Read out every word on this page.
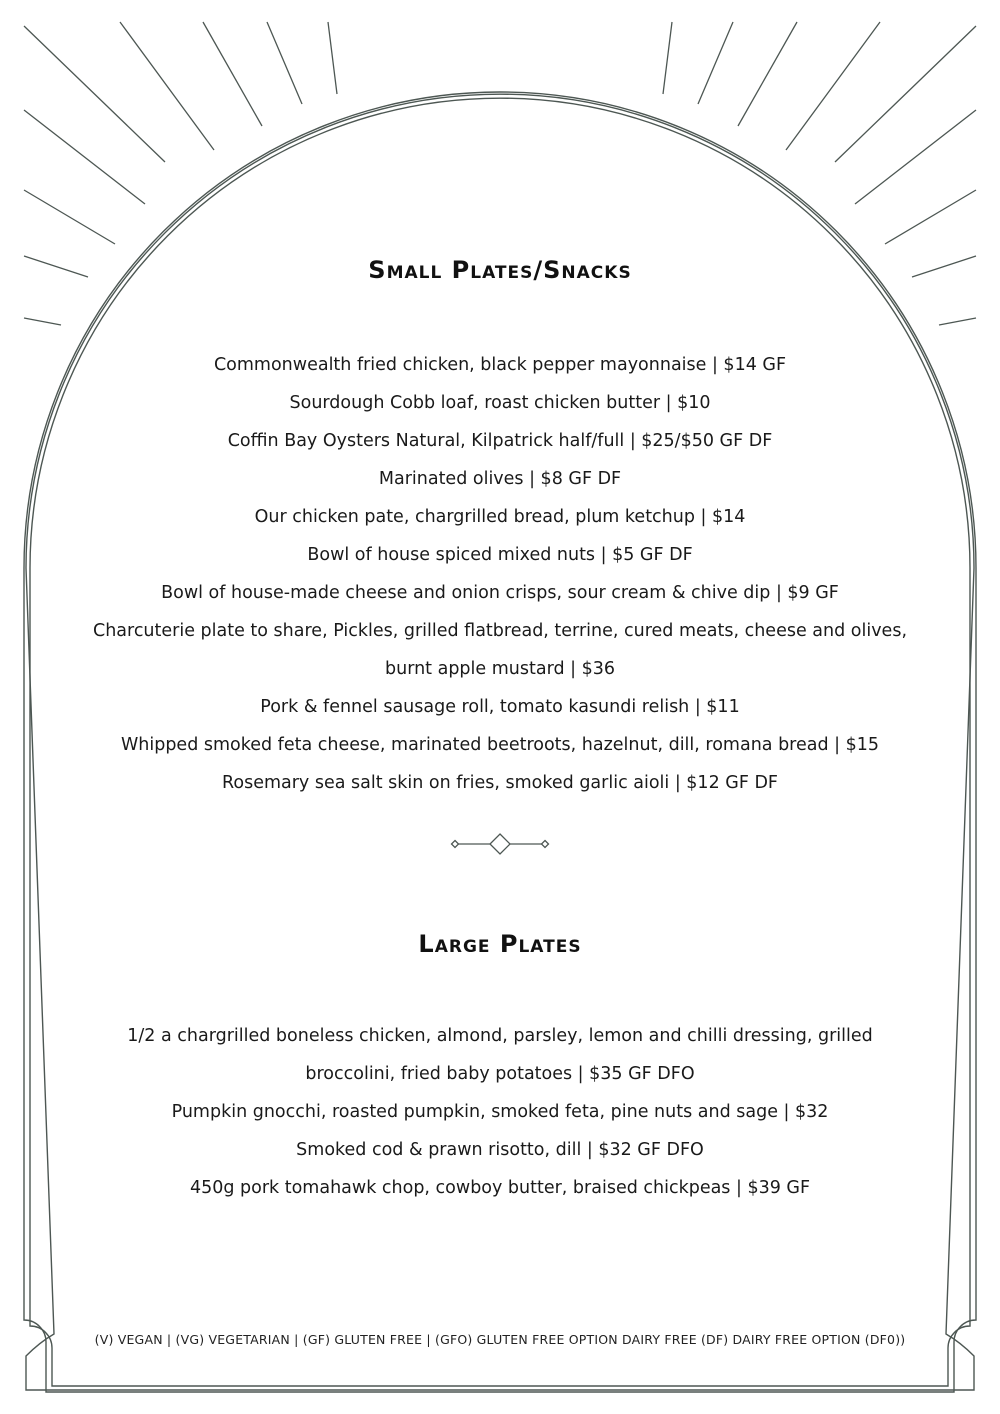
Small Plates/Snacks
Commonwealth fried chicken, black pepper mayonnaise | $14 GF
Sourdough Cobb loaf, roast chicken butter | $10
Coffin Bay Oysters Natural, Kilpatrick half/full | $25/$50 GF DF
Marinated olives | $8 GF DF
Our chicken pate, chargrilled bread, plum ketchup | $14
Bowl of house spiced mixed nuts | $5 GF DF
Bowl of house-made cheese and onion crisps, sour cream & chive dip | $9 GF
Charcuterie plate to share, Pickles, grilled flatbread, terrine, cured meats, cheese and olives,
burnt apple mustard | $36
Pork & fennel sausage roll, tomato kasundi relish | $11
Whipped smoked feta cheese, marinated beetroots, hazelnut, dill, romana bread | $15
Rosemary sea salt skin on fries, smoked garlic aioli | $12 GF DF
Large Plates
1/2 a chargrilled boneless chicken, almond, parsley, lemon and chilli dressing, grilled
broccolini, fried baby potatoes | $35 GF DFO
Pumpkin gnocchi, roasted pumpkin, smoked feta, pine nuts and sage | $32
Smoked cod & prawn risotto, dill | $32 GF DFO
450g pork tomahawk chop, cowboy butter, braised chickpeas | $39 GF
(V) VEGAN | (VG) VEGETARIAN | (GF) GLUTEN FREE | (GFO) GLUTEN FREE OPTION DAIRY FREE (DF) DAIRY FREE OPTION (DF0))
